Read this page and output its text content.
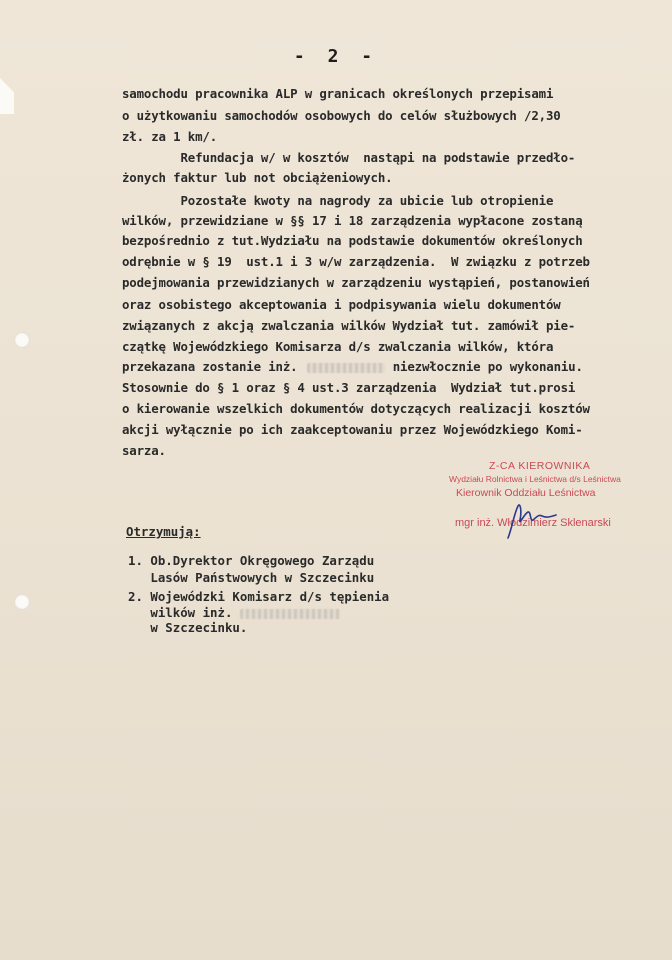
- 2 -
samochodu pracownika ALP w granicach określonych przepisami
o użytkowaniu samochodów osobowych do celów służbowych /2,30
zł. za 1 km/.
Refundacja w/ w kosztów  nastąpi na podstawie przedło-
żonych faktur lub not obciążeniowych.
Pozostałe kwoty na nagrody za ubicie lub otropienie
wilków, przewidziane w §§ 17 i 18 zarządzenia wypłacone zostaną
bezpośrednio z tut.Wydziału na podstawie dokumentów określonych
odrębnie w § 19  ust.1 i 3 w/w zarządzenia.  W związku z potrzeb
podejmowania przewidzianych w zarządzeniu wystąpień, postanowień
oraz osobistego akceptowania i podpisywania wielu dokumentów
związanych z akcją zwalczania wilków Wydział tut. zamówił pie-
czątkę Wojewódzkiego Komisarza d/s zwalczania wilków, która
przekazana zostanie inż.	niezwłocznie po wykonaniu.
Stosownie do § 1 oraz § 4 ust.3 zarządzenia  Wydział tut.prosi
o kierowanie wszelkich dokumentów dotyczących realizacji kosztów
akcji wyłącznie po ich zaakceptowaniu przez Wojewódzkiego Komi-
sarza.
Z-CA KIEROWNIKA
Wydziału Rolnictwa i Leśnictwa d/s Leśnictwa
Kierownik Oddziału Leśnictwa
mgr inż. Włodzimierz Sklenarski
Otrzymują:
1. Ob.Dyrektor Okręgowego Zarządu
Lasów Państwowych w Szczecinku
2. Wojewódzki Komisarz d/s tępienia
wilków inż.
w Szczecinku.
